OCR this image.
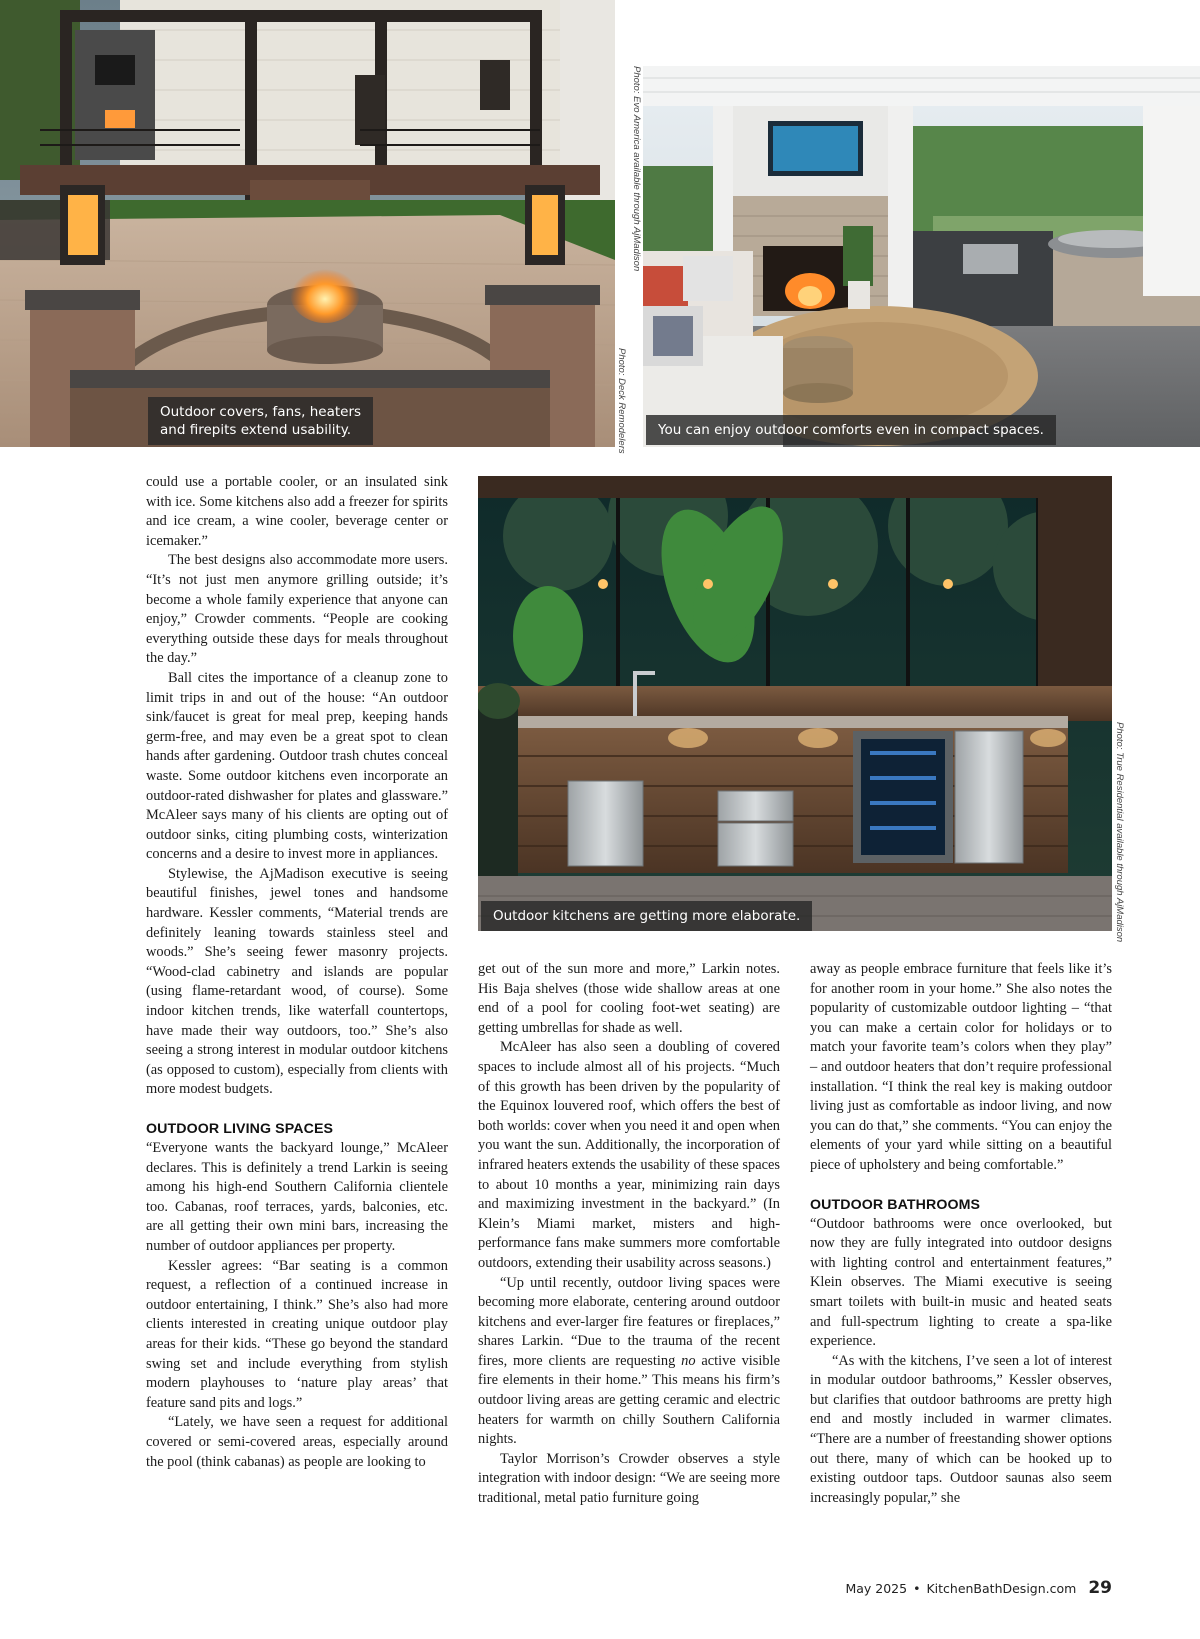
Outdoor covers, fans, heaters
and firepits extend usability.
Photo: Evo America available through AjMadison
Photo: Deck Remodelers	You can enjoy outdoor comforts even in compact spaces.
Outdoor kitchens are getting more elaborate.	Photo: True Residential available through AjMadison

could use a portable cooler, or an insulated sink with ice. Some kitchens also add a freezer for spirits and ice cream, a wine cooler, beverage center or icemaker.”

The best designs also accommodate more users. “It’s not just men anymore grilling outside; it’s become a whole family experience that anyone can enjoy,” Crowder comments. “People are cooking everything outside these days for meals throughout the day.”

Ball cites the importance of a cleanup zone to limit trips in and out of the house: “An outdoor sink/faucet is great for meal prep, keeping hands germ-free, and may even be a great spot to clean hands after gardening. Outdoor trash chutes conceal waste. Some outdoor kitchens even incorporate an outdoor-rated dishwasher for plates and glassware.” McAleer says many of his clients are opting out of outdoor sinks, citing plumbing costs, winterization concerns and a desire to invest more in appliances.

Stylewise, the AjMadison executive is seeing beautiful finishes, jewel tones and handsome hardware. Kessler comments, “Material trends are definitely leaning towards stainless steel and woods.” She’s seeing fewer masonry projects. “Wood-clad cabinetry and islands are popular (using flame-retardant wood, of course). Some indoor kitchen trends, like waterfall countertops, have made their way outdoors, too.” She’s also seeing a strong interest in modular outdoor kitchens (as opposed to custom), especially from clients with more modest budgets.

OUTDOOR LIVING SPACES

“Everyone wants the backyard lounge,” McAleer declares. This is definitely a trend Larkin is seeing among his high-end Southern California clientele too. Cabanas, roof terraces, yards, balconies, etc. are all getting their own mini bars, increasing the number of outdoor appliances per property.

Kessler agrees: “Bar seating is a common request, a reflection of a continued increase in outdoor entertaining, I think.” She’s also had more clients interested in creating unique outdoor play areas for their kids. “These go beyond the standard swing set and include everything from stylish modern playhouses to ‘nature play areas’ that feature sand pits and logs.”

“Lately, we have seen a request for additional covered or semi-covered areas, especially around the pool (think cabanas) as people are looking to

get out of the sun more and more,” Larkin notes. His Baja shelves (those wide shallow areas at one end of a pool for cooling foot-wet seating) are getting umbrellas for shade as well.

McAleer has also seen a doubling of covered spaces to include almost all of his projects. “Much of this growth has been driven by the popularity of the Equinox louvered roof, which offers the best of both worlds: cover when you need it and open when you want the sun. Additionally, the incorporation of infrared heaters extends the usability of these spaces to about 10 months a year, minimizing rain days and maximizing investment in the backyard.” (In Klein’s Miami market, misters and high-performance fans make summers more comfortable outdoors, extending their usability across seasons.)

“Up until recently, outdoor living spaces were becoming more elaborate, centering around outdoor kitchens and ever-larger fire features or fireplaces,” shares Larkin. “Due to the trauma of the recent fires, more clients are requesting no active visible fire elements in their home.” This means his firm’s outdoor living areas are getting ceramic and electric heaters for warmth on chilly Southern California nights.

Taylor Morrison’s Crowder observes a style integration with indoor design: “We are seeing more traditional, metal patio furniture going

away as people embrace furniture that feels like it’s for another room in your home.” She also notes the popularity of customizable outdoor lighting – “that you can make a certain color for holidays or to match your favorite team’s colors when they play” – and outdoor heaters that don’t require professional installation. “I think the real key is making outdoor living just as comfortable as indoor living, and now you can do that,” she comments. “You can enjoy the elements of your yard while sitting on a beautiful piece of upholstery and being comfortable.”

OUTDOOR BATHROOMS

“Outdoor bathrooms were once overlooked, but now they are fully integrated into outdoor designs with lighting control and entertainment features,” Klein observes. The Miami executive is seeing smart toilets with built-in music and heated seats and full-spectrum lighting to create a spa-like experience.

“As with the kitchens, I’ve seen a lot of interest in modular outdoor bathrooms,” Kessler observes, but clarifies that outdoor bathrooms are pretty high end and mostly included in warmer climates. “There are a number of freestanding shower options out there, many of which can be hooked up to existing outdoor taps. Outdoor saunas also seem increasingly popular,” she

May 2025 • KitchenBathDesign.com 29
